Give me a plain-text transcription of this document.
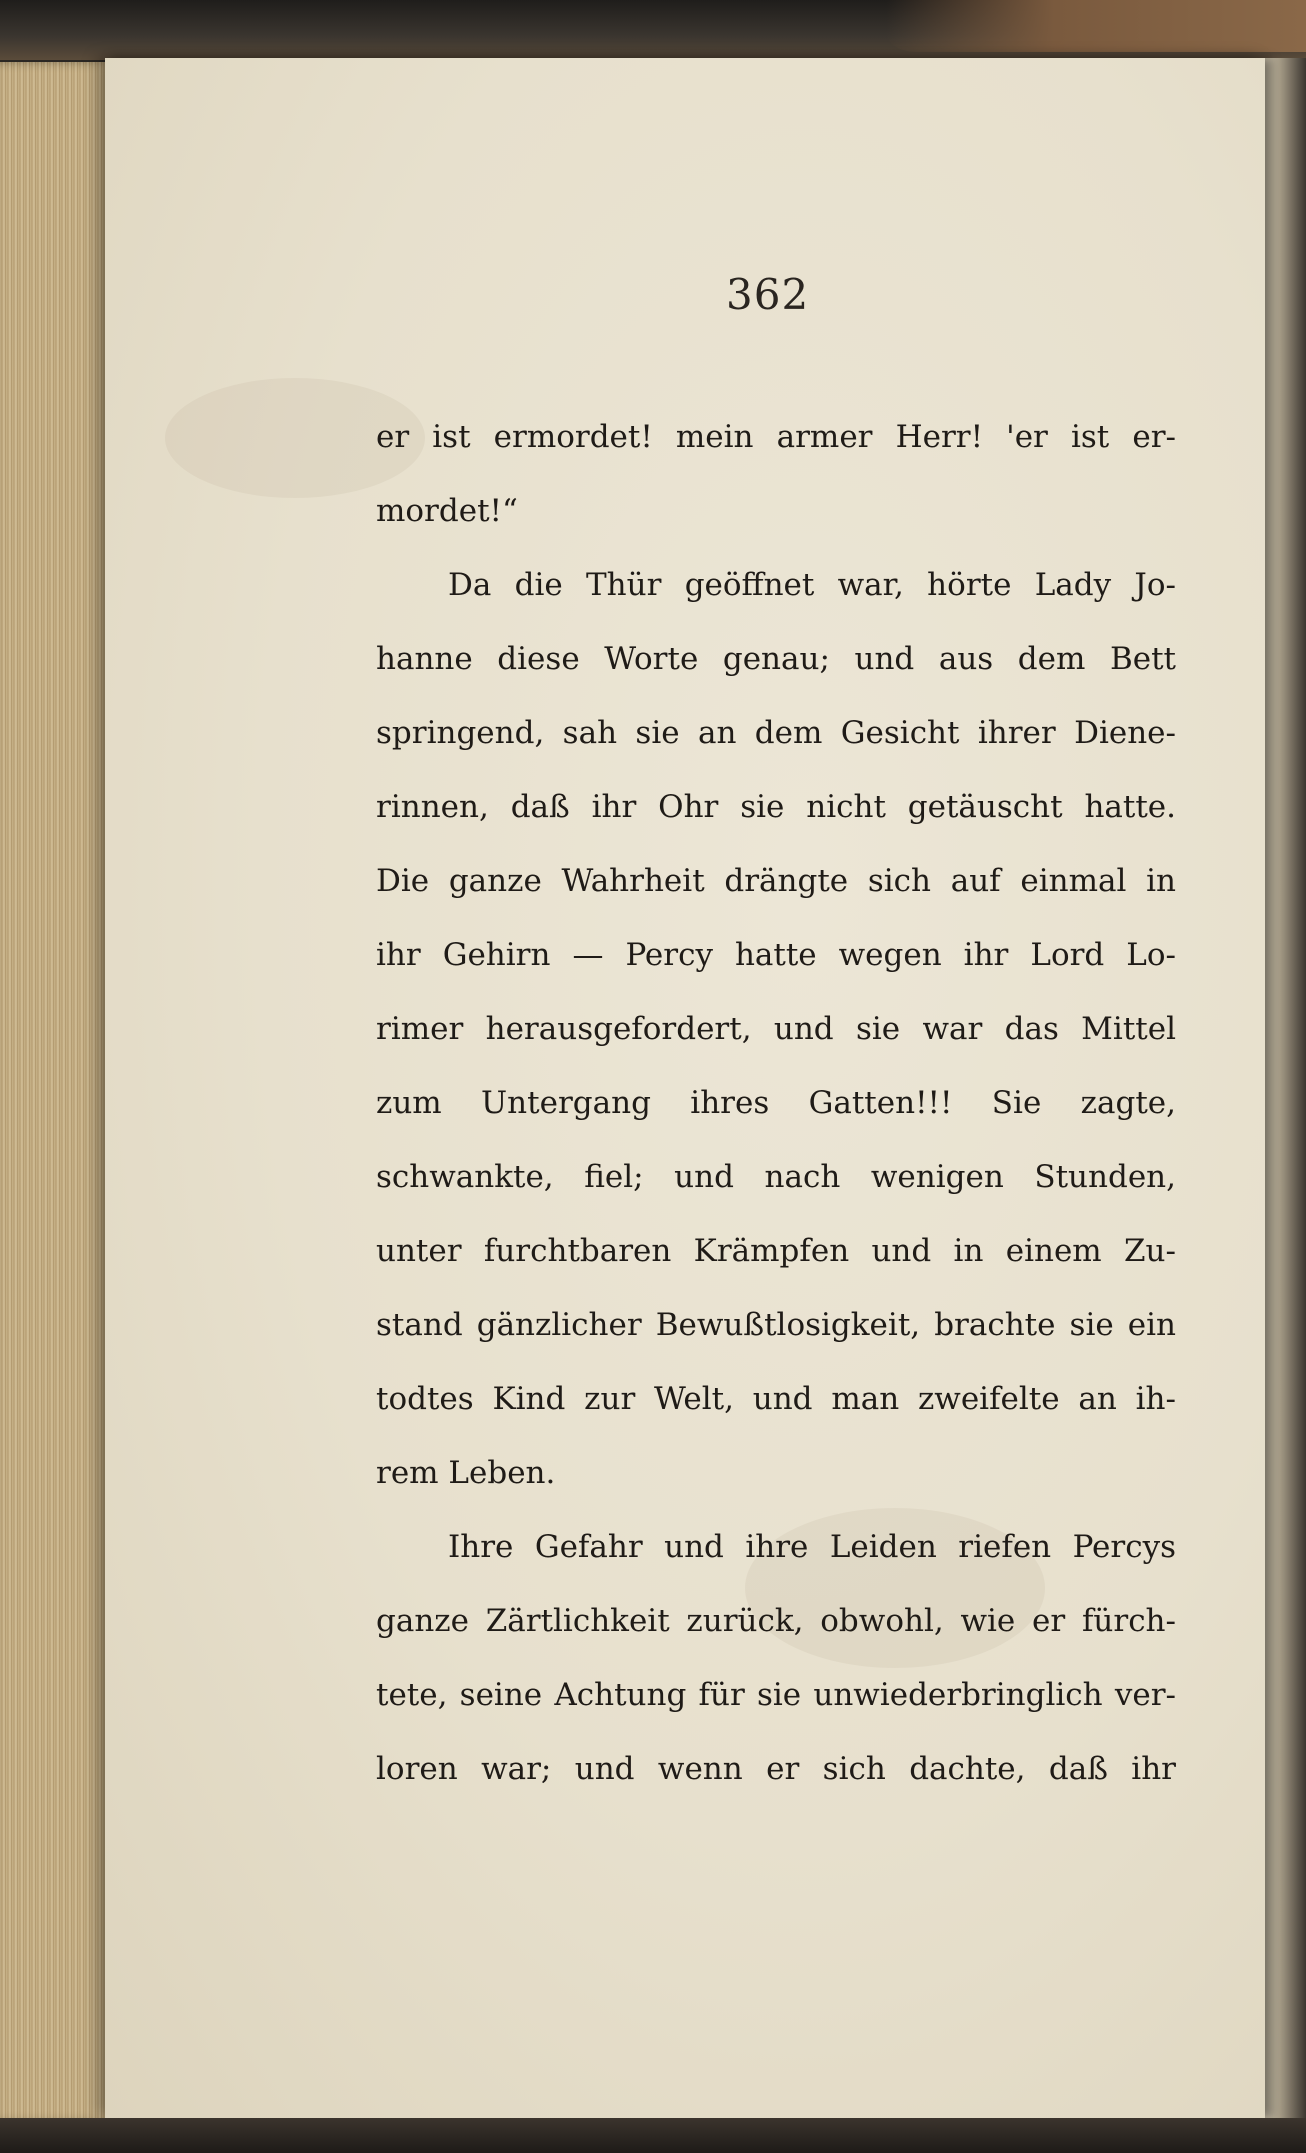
362
er ist ermordet! mein armer Herr! 'er ist er-
mordet!“
Da die Thür geöffnet war, hörte Lady Jo-
hanne diese Worte genau; und aus dem Bett
springend, sah sie an dem Gesicht ihrer Diene-
rinnen, daß ihr Ohr sie nicht getäuscht hatte.
Die ganze Wahrheit drängte sich auf einmal in
ihr Gehirn — Percy hatte wegen ihr Lord Lo-
rimer herausgefordert, und sie war das Mittel
zum Untergang ihres Gatten!!! Sie zagte,
schwankte, fiel; und nach wenigen Stunden,
unter furchtbaren Krämpfen und in einem Zu-
stand gänzlicher Bewußtlosigkeit, brachte sie ein
todtes Kind zur Welt, und man zweifelte an ih-
rem Leben.
Ihre Gefahr und ihre Leiden riefen Percys
ganze Zärtlichkeit zurück, obwohl, wie er fürch-
tete, seine Achtung für sie unwiederbringlich ver-
loren war; und wenn er sich dachte, daß ihr
